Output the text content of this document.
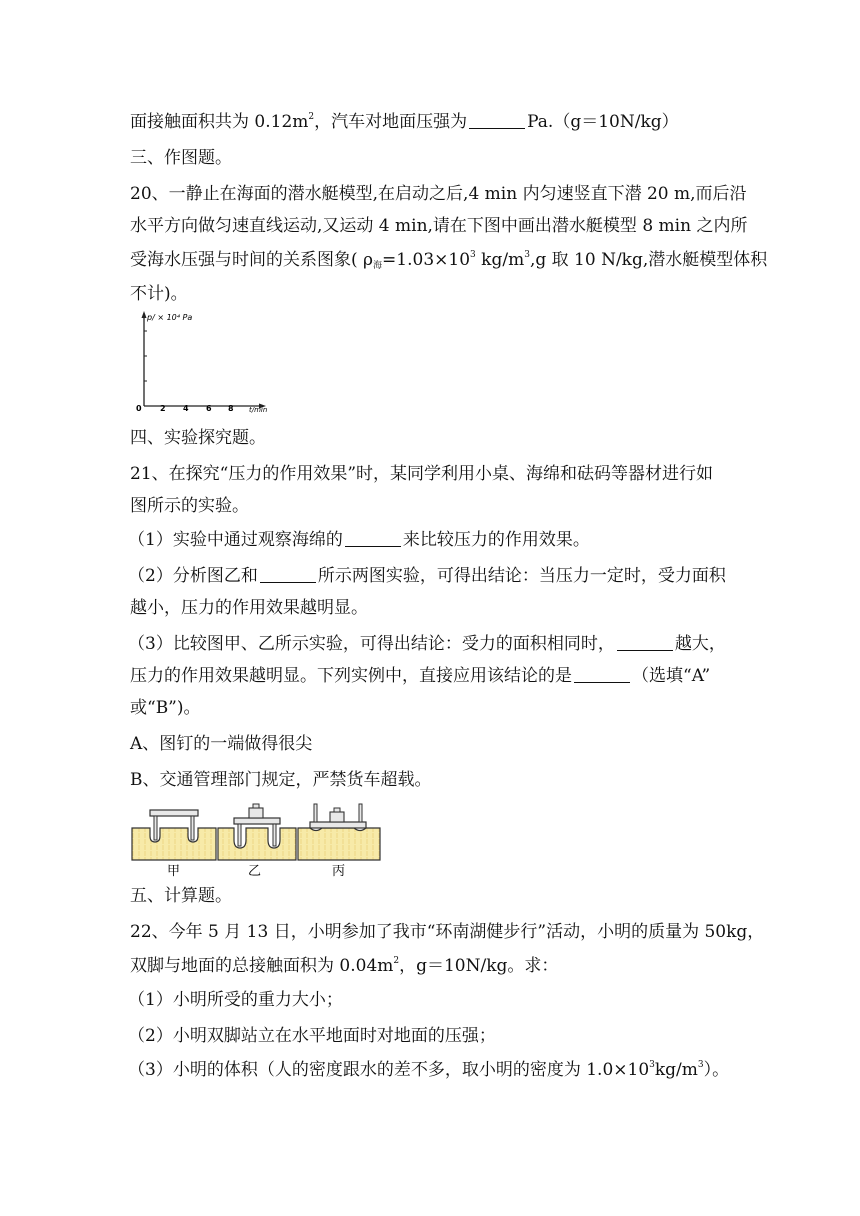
面接触面积共为 $0.12m^2$，汽车对地面压强为	Pa.（g＝10N/kg）
三、作图题。
20、一静止在海面的潜水艇模型,在启动之后,4 min 内匀速竖直下潜 20 m,而后沿
水平方向做匀速直线运动,又运动 4 min,请在下图中画出潜水艇模型 8 min 之内所
受海水压强与时间的关系图象( $\rho_海=1.03\times 10^3$ $kg/m^3,g$ 取 10 N/kg,潜水艇模型体积
不计)。
p/ × 10⁴ Pa
0 2 4 6 8 t/min
四、实验探究题。
21、在探究“压力的作用效果”时，某同学利用小桌、海绵和砝码等器材进行如
图所示的实验。
（1）实验中通过观察海绵的	来比较压力的作用效果。
（2）分析图乙和	所示两图实验，可得出结论：当压力一定时，受力面积
越小，压力的作用效果越明显。
（3）比较图甲、乙所示实验，可得出结论：受力的面积相同时，	越大，
压力的作用效果越明显。下列实例中，直接应用该结论的是	（选填“A”
或“B”)。
A、图钉的一端做得很尖
B、交通管理部门规定，严禁货车超载。
甲	乙	丙
五、计算题。
22、今年 5 月 13 日，小明参加了我市“环南湖健步行”活动，小明的质量为 50kg，
双脚与地面的总接触面积为 $0.04m^2$，g＝10N/kg。求：
（1）小明所受的重力大小；
（2）小明双脚站立在水平地面时对地面的压强；
（3）小明的体积（人的密度跟水的差不多，取小明的密度为 $1.0\times 10^3kg/m^3$）。
